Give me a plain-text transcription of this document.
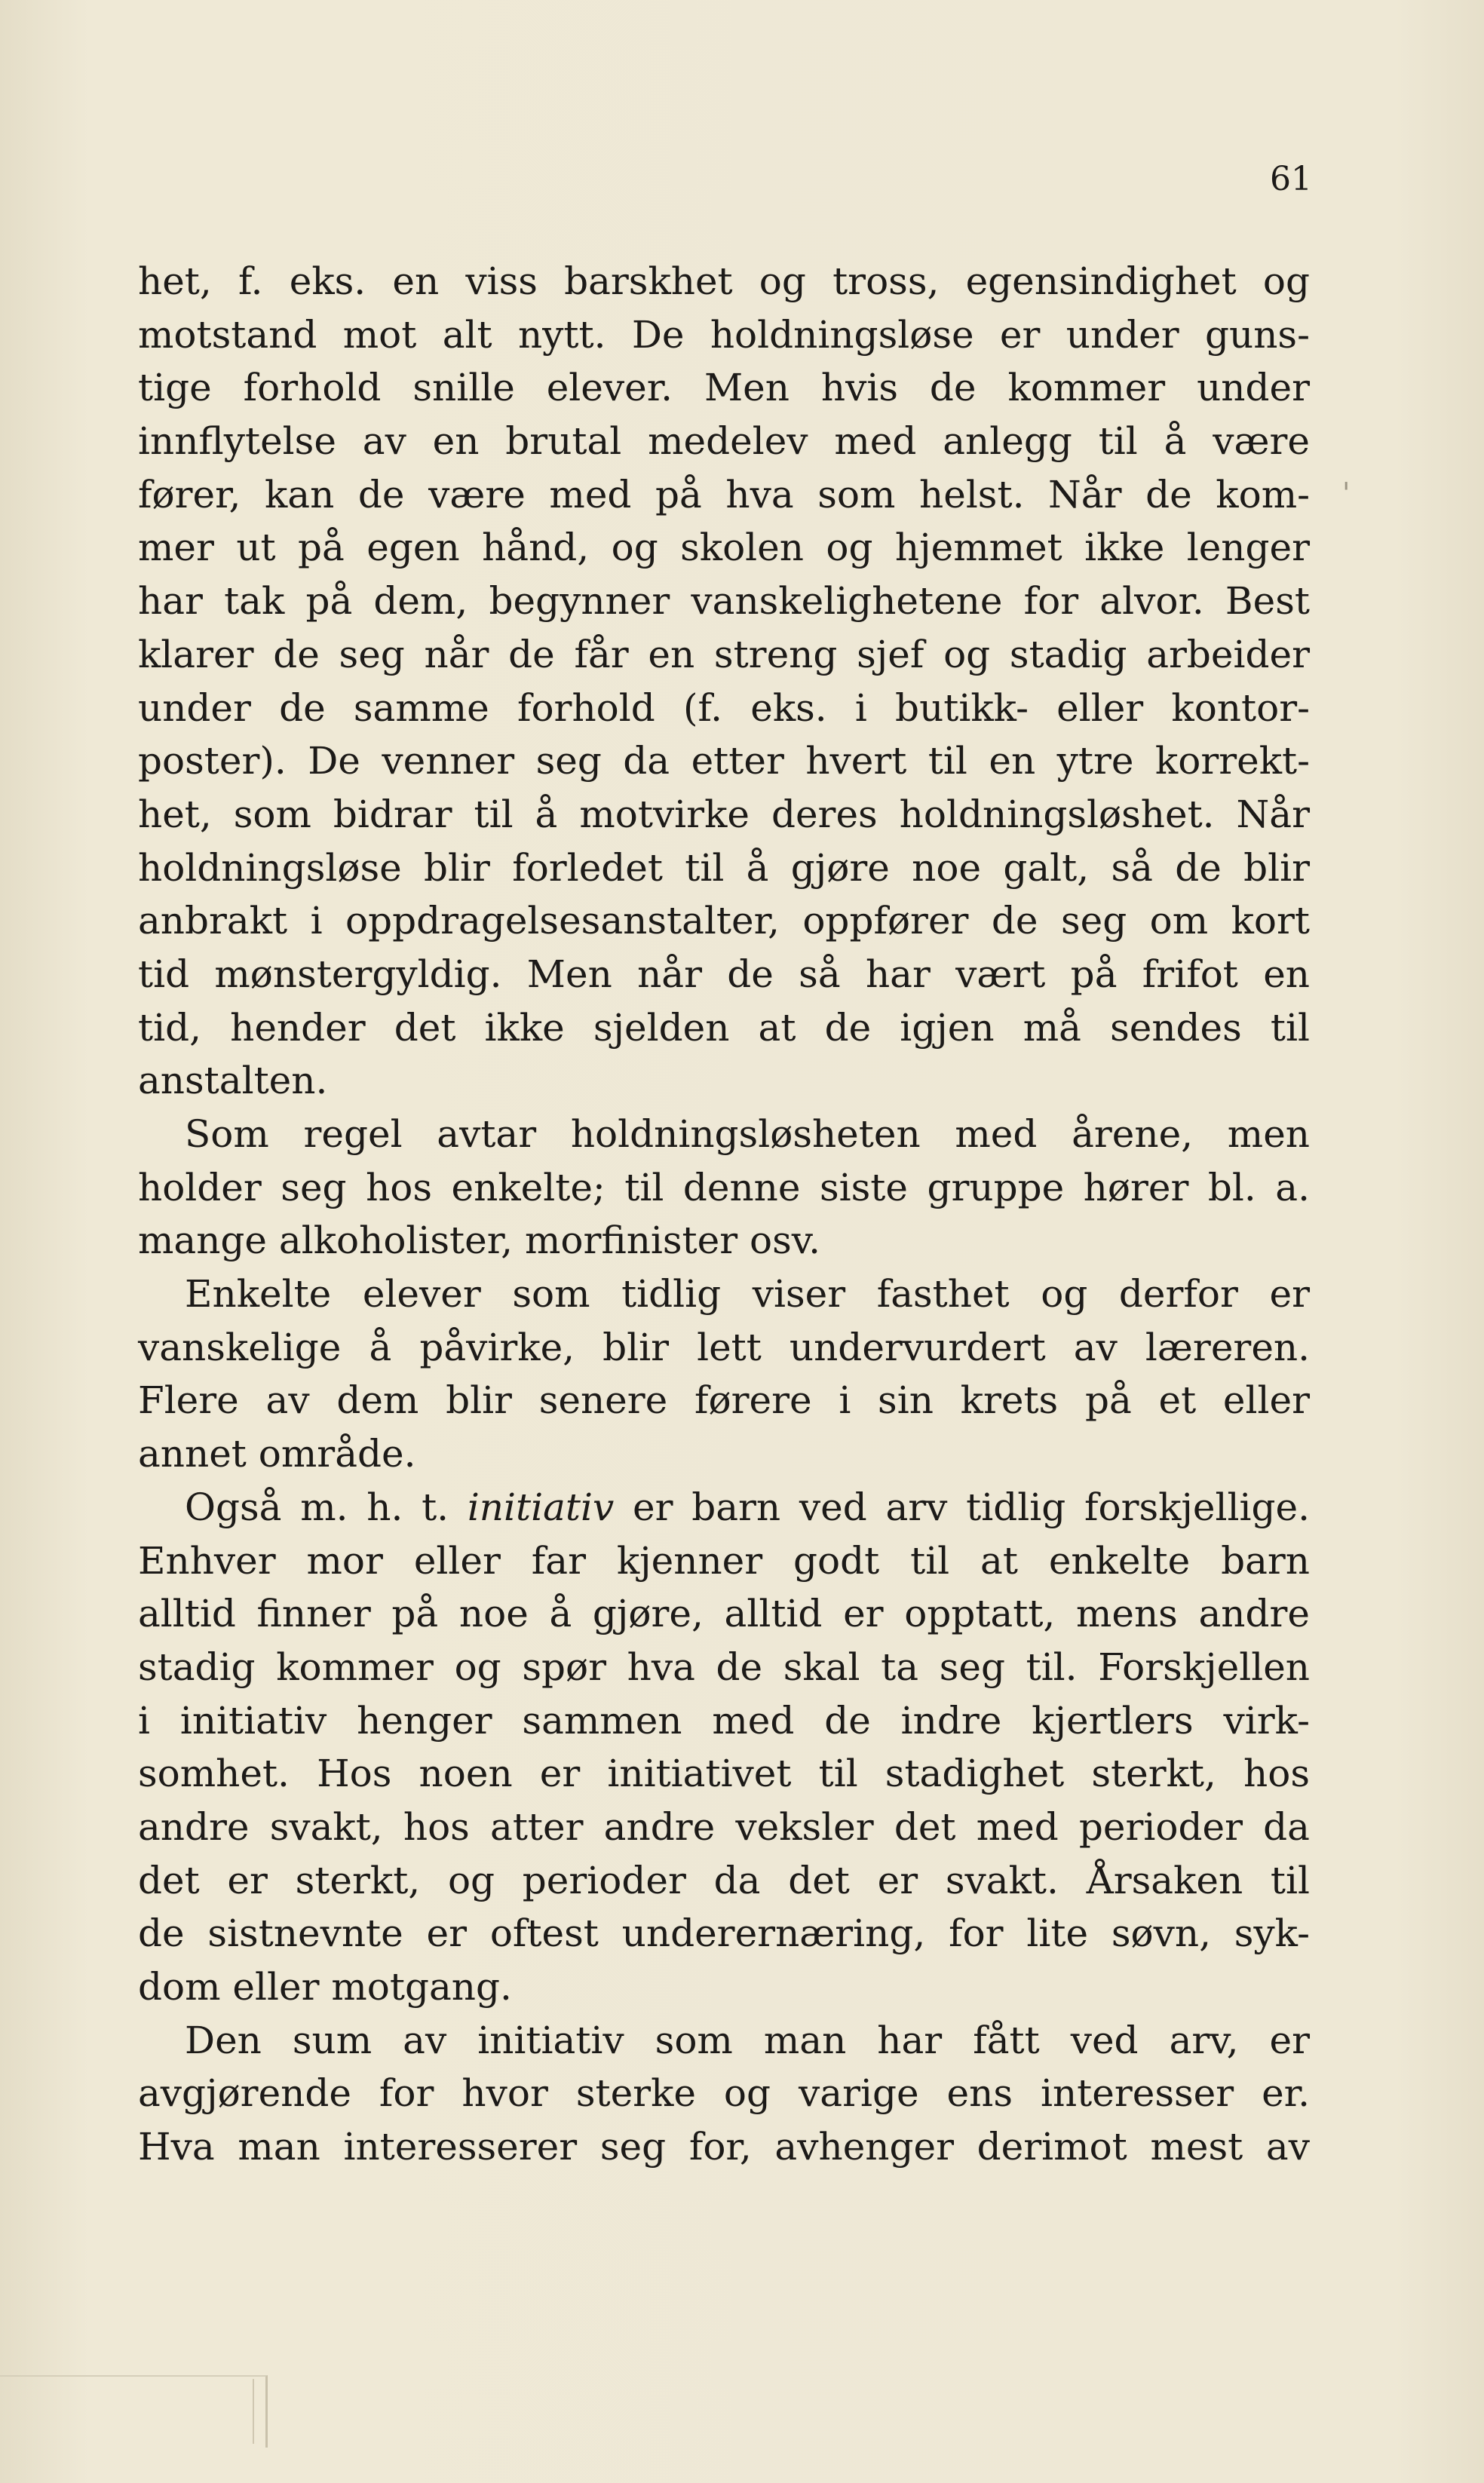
61
'
het, f. eks. en viss barskhet og tross, egensindighet og
motstand mot alt nytt. De holdningsløse er under guns-
tige forhold snille elever. Men hvis de kommer under
innflytelse av en brutal medelev med anlegg til å være
fører, kan de være med på hva som helst. Når de kom-
mer ut på egen hånd, og skolen og hjemmet ikke lenger
har tak på dem, begynner vanskelighetene for alvor. Best
klarer de seg når de får en streng sjef og stadig arbeider
under de samme forhold (f. eks. i butikk- eller kontor-
poster). De venner seg da etter hvert til en ytre korrekt-
het, som bidrar til å motvirke deres holdningsløshet. Når
holdningsløse blir forledet til å gjøre noe galt, så de blir
anbrakt i oppdragelsesanstalter, oppfører de seg om kort
tid mønstergyldig. Men når de så har vært på frifot en
tid, hender det ikke sjelden at de igjen må sendes til
anstalten.
Som regel avtar holdningsløsheten med årene, men
holder seg hos enkelte; til denne siste gruppe hører bl. a.
mange alkoholister, morfinister osv.
Enkelte elever som tidlig viser fasthet og derfor er
vanskelige å påvirke, blir lett undervurdert av læreren.
Flere av dem blir senere førere i sin krets på et eller
annet område.
Også m. h. t. initiativ er barn ved arv tidlig forskjellige.
Enhver mor eller far kjenner godt til at enkelte barn
alltid finner på noe å gjøre, alltid er opptatt, mens andre
stadig kommer og spør hva de skal ta seg til. Forskjellen
i initiativ henger sammen med de indre kjertlers virk-
somhet. Hos noen er initiativet til stadighet sterkt, hos
andre svakt, hos atter andre veksler det med perioder da
det er sterkt, og perioder da det er svakt. Årsaken til
de sistnevnte er oftest underernæring, for lite søvn, syk-
dom eller motgang.
Den sum av initiativ som man har fått ved arv, er
avgjørende for hvor sterke og varige ens interesser er.
Hva man interesserer seg for, avhenger derimot mest av
